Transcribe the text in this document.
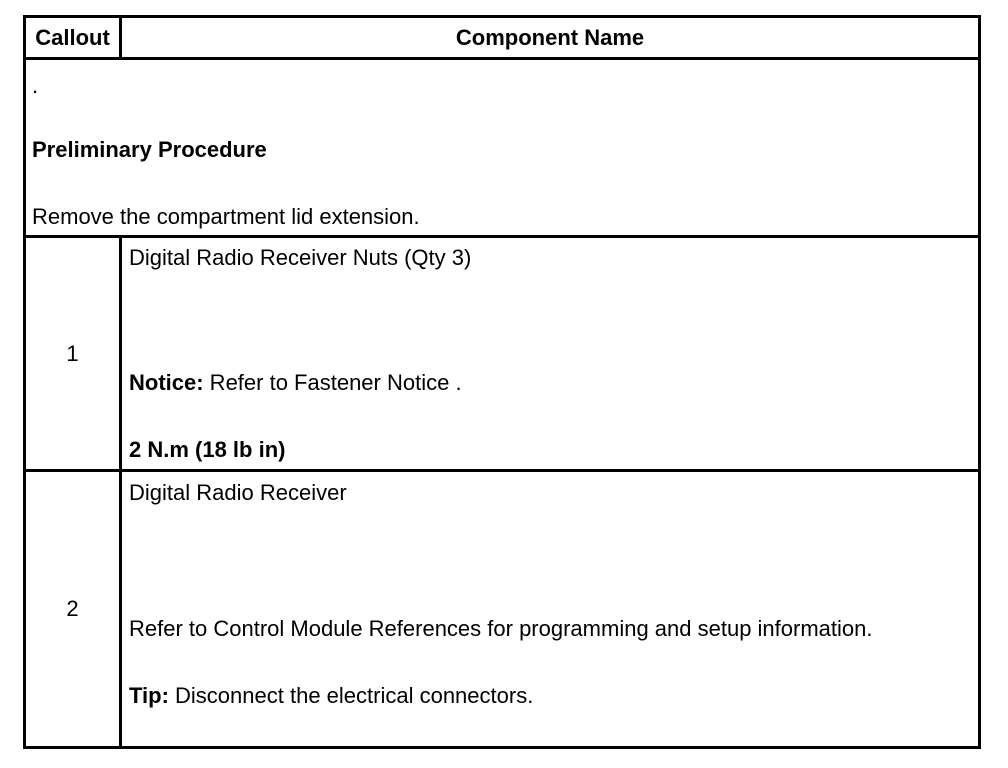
Callout	Component Name
.
Preliminary Procedure
Remove the compartment lid extension.
1
Digital Radio Receiver Nuts (Qty 3)
Notice: Refer to Fastener Notice .
2 N.m (18 lb in)
2
Digital Radio Receiver
Refer to Control Module References for programming and setup information.
Tip: Disconnect the electrical connectors.
